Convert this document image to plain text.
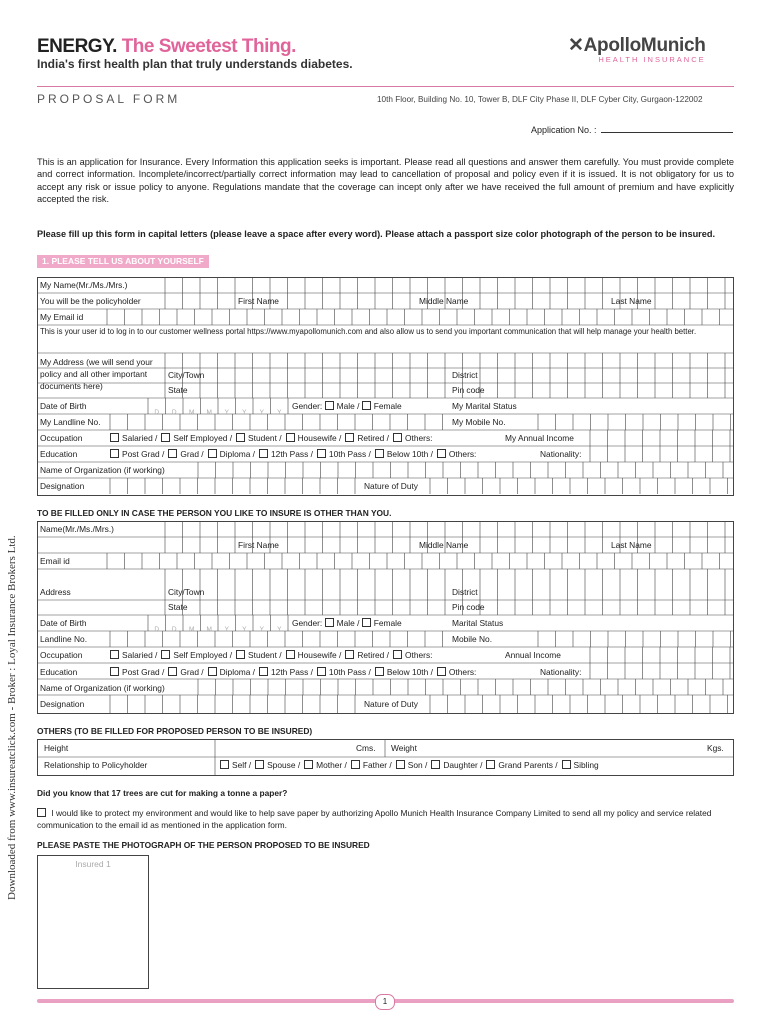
ENERGY. The Sweetest Thing.
India's first health plan that truly understands diabetes.
✕ApolloMunich
HEALTH INSURANCE
PROPOSAL FORM	10th Floor, Building No. 10, Tower B, DLF City Phase II, DLF Cyber City, Gurgaon-122002
Application No. :
This is an application for Insurance. Every Information this application seeks is important. Please read all questions and answer them carefully. You must provide complete and correct information. Incomplete/incorrect/partially correct information may lead to cancellation of proposal and policy even if it is issued. It is not obligatory for us to accept any risk or issue policy to anyone. Regulations mandate that the coverage can incept only after we have received the full amount of premium and have explicitly accepted the risk.
Please fill up this form in capital letters (please leave a space after every word). Please attach a passport size color photograph of the person to be insured.
1. PLEASE TELL US ABOUT YOURSELF
Downloaded from www.insureatclick.com - Broker : Loyal Insurance Brokers Ltd.
My Name(Mr./Ms./Mrs.)
You will be the policyholder	First Name	Middle Name	Last Name
My Email id
This is your user id to log in to our customer wellness portal https://www.myapollomunich.com and also allow us to send you important communication that will help manage your health better.
My Address (we will send your policy and all other important documents here)
City/Town
State
District
Pin code
Date of Birth
D D M M Y Y Y Y
Gender: Male / Female	My Marital Status
My Landline No.	My Mobile No.
Occupation	Salaried / Self Employed / Student / Housewife / Retired / Others:	My Annual Income
Education	Post Grad / Grad / Diploma / 12th Pass / 10th Pass / Below 10th / Others:	Nationality:
Name of Organization (if working)
Designation	Nature of Duty
TO BE FILLED ONLY IN CASE THE PERSON YOU LIKE TO INSURE IS OTHER THAN YOU.
Name(Mr./Ms./Mrs.)
First Name	Middle Name	Last Name
Email id
Address	City/Town
State
District
Pin code
Date of Birth
D D M M Y Y Y Y
Gender: Male / Female	Marital Status
Landline No.	Mobile No.
Occupation	Salaried / Self Employed / Student / Housewife / Retired / Others:	Annual Income
Education	Post Grad / Grad / Diploma / 12th Pass / 10th Pass / Below 10th / Others:	Nationality:
Name of Organization (if working)
Designation	Nature of Duty
OTHERS (TO BE FILLED FOR PROPOSED PERSON TO BE INSURED)
Height	Cms. Weight	Kgs.
Relationship to Policyholder	Self / Spouse / Mother / Father / Son / Daughter / Grand Parents / Sibling
Did you know that 17 trees are cut for making a tonne a paper?
I would like to protect my environment and would like to help save paper by authorizing Apollo Munich Health Insurance Company Limited to send all my policy and service related communication to the email id as mentioned in the application form.
PLEASE PASTE THE PHOTOGRAPH OF THE PERSON PROPOSED TO BE INSURED
Insured 1
1
